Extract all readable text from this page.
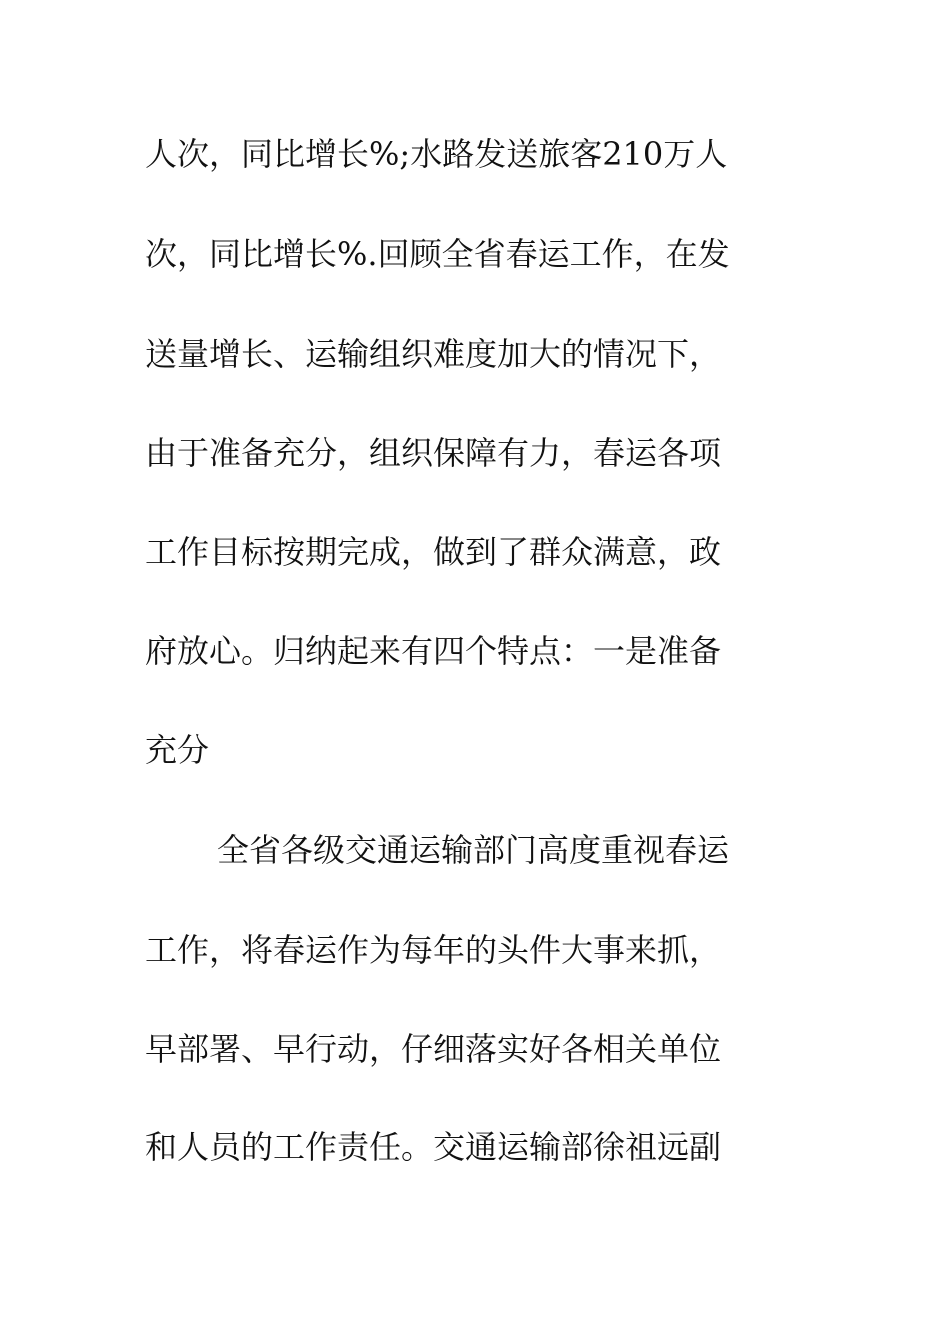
人次，同比增长%;水路发送旅客210万人
次，同比增长%.回顾全省春运工作，在发
送量增长、运输组织难度加大的情况下，
由于准备充分，组织保障有力，春运各项
工作目标按期完成，做到了群众满意，政
府放心。归纳起来有四个特点：一是准备
充分
全省各级交通运输部门高度重视春运
工作，将春运作为每年的头件大事来抓，
早部署、早行动，仔细落实好各相关单位
和人员的工作责任。交通运输部徐祖远副
